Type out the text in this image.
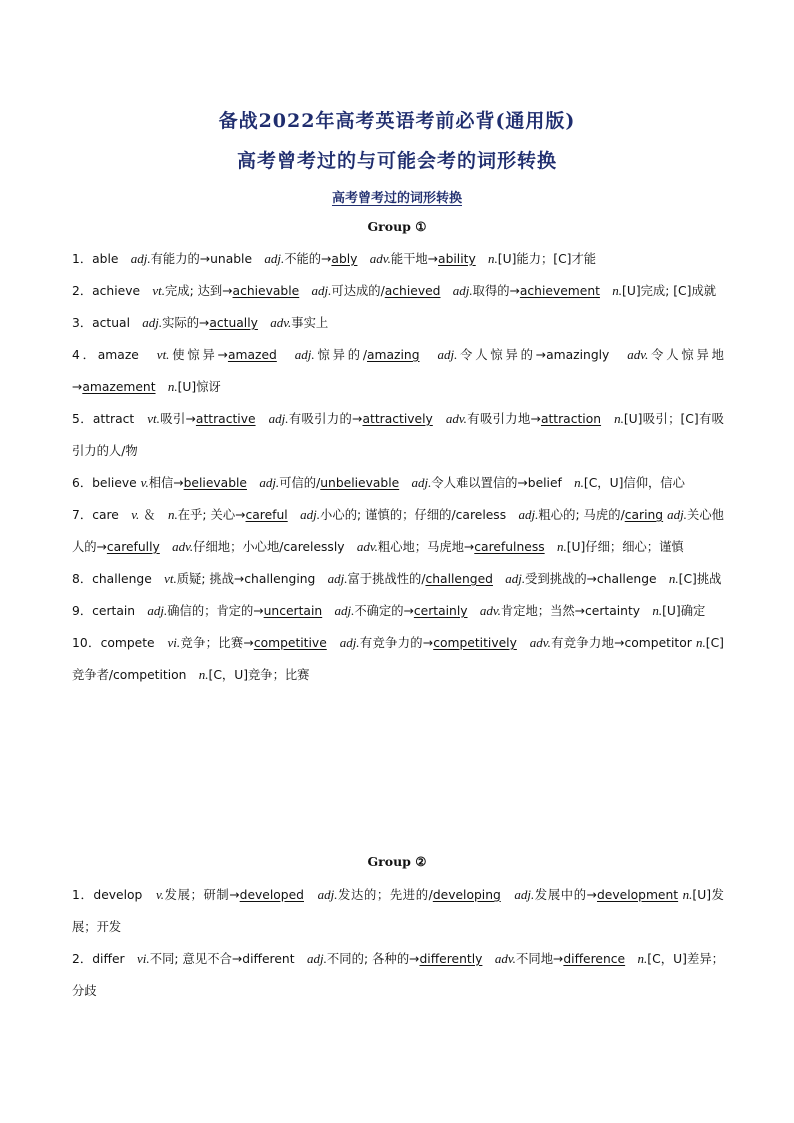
备战2022年高考英语考前必背(通用版)
高考曾考过的与可能会考的词形转换
高考曾考过的词形转换
Group ①

1．able　adj.有能力的→unable　adj.不能的→ably　 adv.能干地→ability　 n.[U]能力；[C]才能

2．achieve　vt.完成; 达到→achievable　 adj.可达成的/achieved　 adj.取得的→achievement　 n.[U]完成; [C]成就

3．actual　adj.实际的→actually　 adv.事实上

4．amaze　vt.使惊异→amazed　 adj.惊异的/amazing　 adj.令人惊异的→amazingly　adv.令人惊异地→amazement　 n.[U]惊讶

5．attract　vt.吸引→attractive　 adj.有吸引力的→attractively　 adv.有吸引力地→attraction　 n.[U]吸引；[C]有吸引力的人/物

6．believe v.相信→believable　 adj.可信的/unbelievable　 adj.令人难以置信的→belief　n.[C，U]信仰，信心

7．care　v. ＆　n.在乎; 关心→careful　 adj.小心的; 谨慎的；仔细的/careless　adj.粗心的; 马虎的/caring adj.关心他人的→carefully　 adv.仔细地；小心地/carelessly　adv.粗心地；马虎地→carefulness　 n.[U]仔细；细心；谨慎

8．challenge　vt.质疑; 挑战→challenging　adj.富于挑战性的/challenged　 adj.受到挑战的→challenge　n.[C]挑战

9．certain　adj.确信的；肯定的→uncertain　 adj.不确定的→certainly　 adv.肯定地；当然→certainty　n.[U]确定

10．compete　vi.竞争；比赛→competitive　 adj.有竞争力的→competitively　 adv.有竞争力地→competitor n.[C]竞争者/competition　n.[C，U]竞争；比赛

Group ②

1．develop　v.发展；研制→developed　 adj.发达的；先进的/developing　 adj.发展中的→development n.[U]发展；开发

2．differ　vi.不同; 意见不合→different　adj.不同的; 各种的→differently　 adv.不同地→difference　 n.[C，U]差异；分歧
